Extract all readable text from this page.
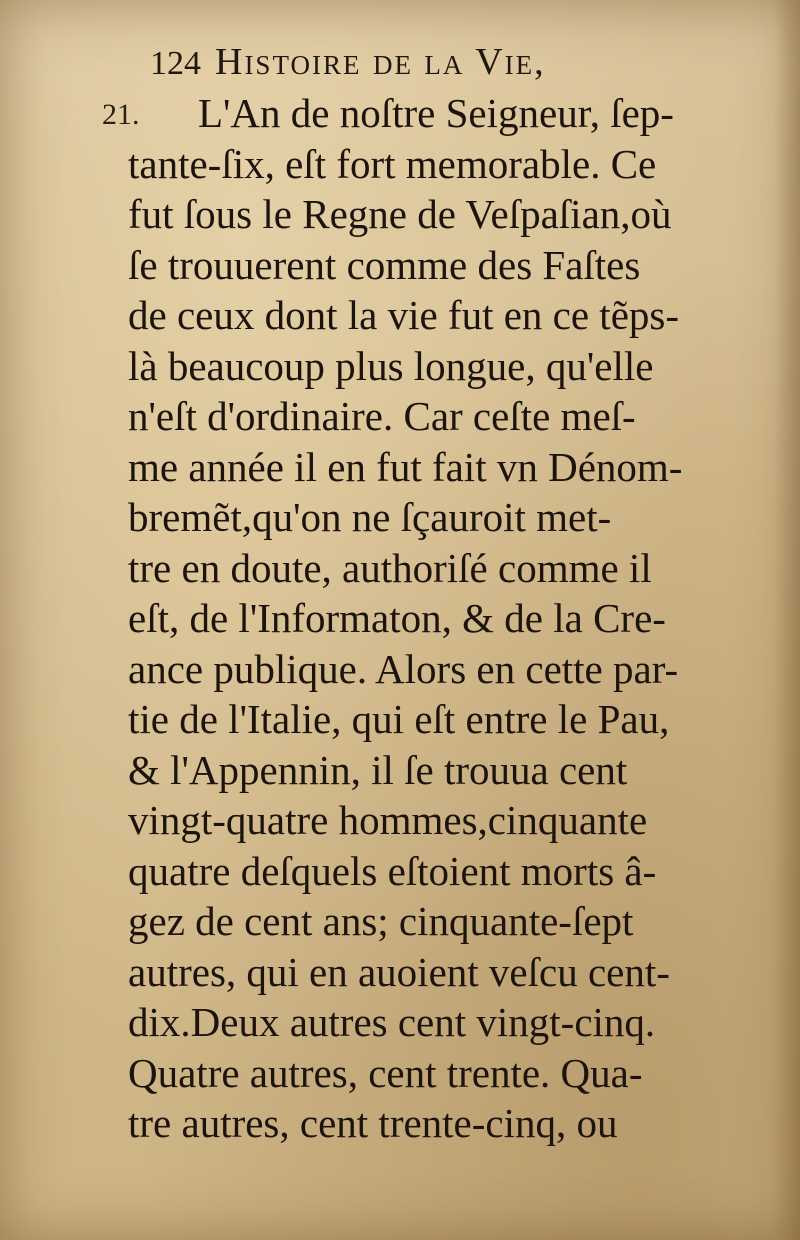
124 Histoire de la Vie,
21.	L'An de noſtre Seigneur, ſep-
tante-ſix, eſt fort memorable. Ce
fut ſous le Regne de Veſpaſian,où
ſe trouuerent comme des Faſtes
de ceux dont la vie fut en ce tẽps-
là beaucoup plus longue, qu'elle
n'eſt d'ordinaire. Car ceſte meſ-
me année il en fut fait vn Dénom-
bremẽt,qu'on ne ſçauroit met-
tre en doute, authoriſé comme il
eſt, de l'Informaton, & de la Cre-
ance publique. Alors en cette par-
tie de l'Italie, qui eſt entre le Pau,
& l'Appennin, il ſe trouua cent
vingt-quatre hommes,cinquante
quatre deſquels eſtoient morts â-
gez de cent ans; cinquante-ſept
autres, qui en auoient veſcu cent-
dix.Deux autres cent vingt-cinq.
Quatre autres, cent trente. Qua-
tre autres, cent trente-cinq, ou
